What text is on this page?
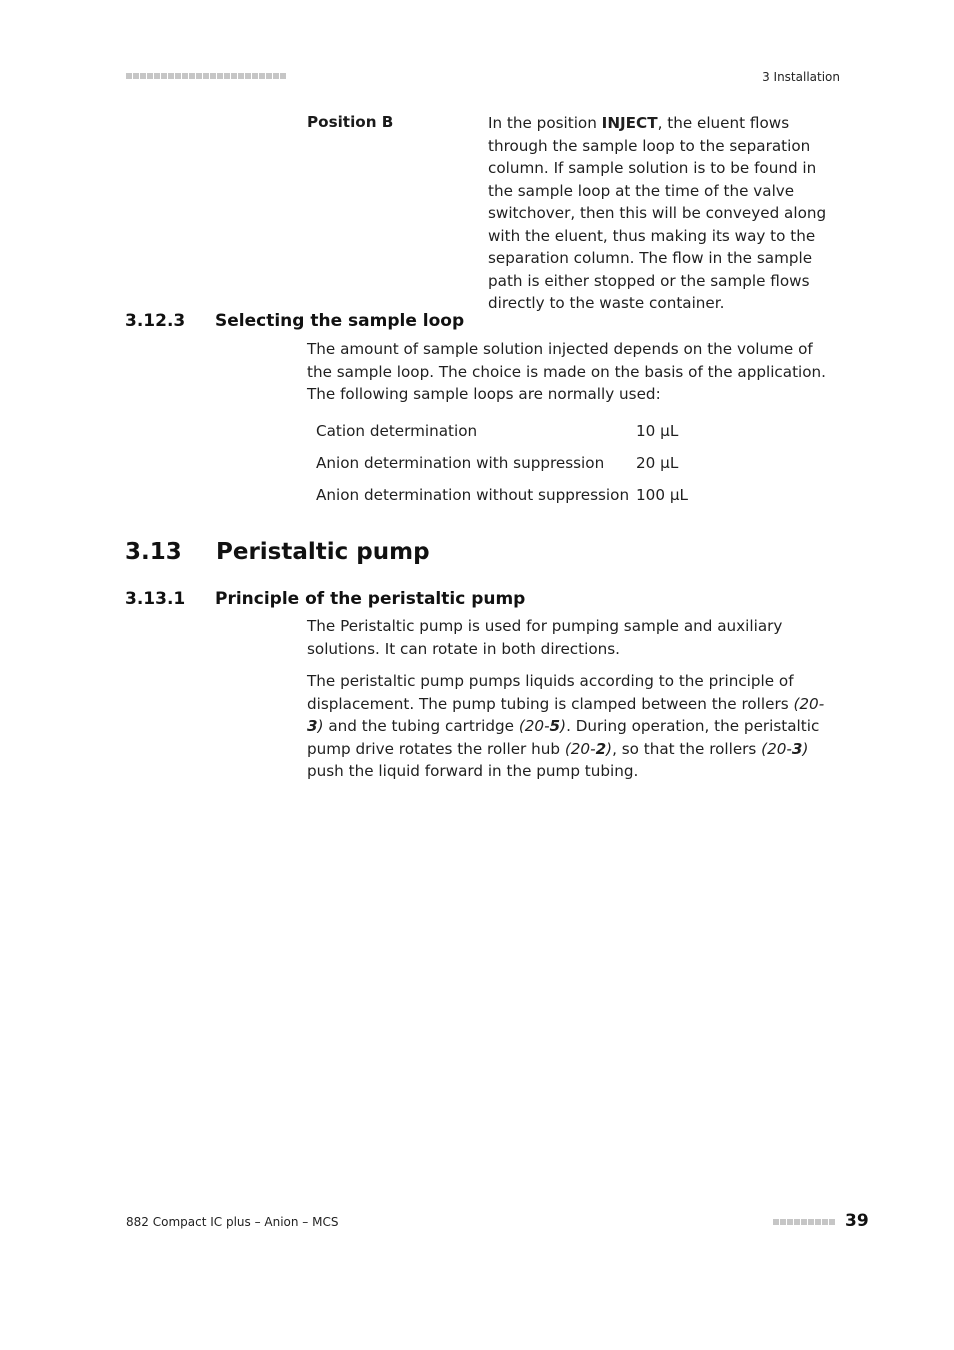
3 Installation
Position B	In the position INJECT, the eluent flows through the sample loop to the separation column. If sample solution is to be found in the sample loop at the time of the valve switchover, then this will be conveyed along with the eluent, thus making its way to the separation column. The flow in the sample path is either stopped or the sample flows directly to the waste container.
3.12.3 Selecting the sample loop
The amount of sample solution injected depends on the volume of the sample loop. The choice is made on the basis of the application. The following sample loops are normally used:
Cation determination	10 µL
Anion determination with suppression	20 µL
Anion determination without suppression	100 µL
3.13 Peristaltic pump
3.13.1 Principle of the peristaltic pump
The Peristaltic pump is used for pumping sample and auxiliary solutions. It can rotate in both directions.
The peristaltic pump pumps liquids according to the principle of displacement. The pump tubing is clamped between the rollers (20-3) and the tubing cartridge (20-5). During operation, the peristaltic pump drive rotates the roller hub (20-2), so that the rollers (20-3) push the liquid forward in the pump tubing.
882 Compact IC plus – Anion – MCS	39
